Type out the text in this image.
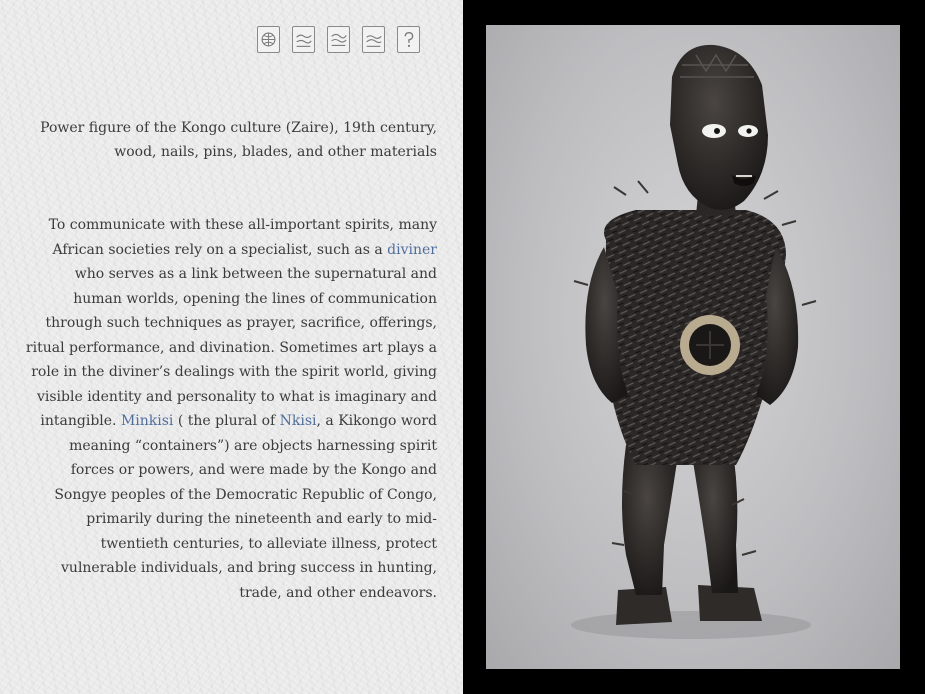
Power figure of the Kongo culture (Zaire), 19th century, wood, nails, pins, blades, and other materials

To communicate with these all-important spirits, many African societies rely on a specialist, such as a diviner who serves as a link between the supernatural and human worlds, opening the lines of communication through such techniques as prayer, sacrifice, offerings, ritual performance, and divination. Sometimes art plays a role in the diviner’s dealings with the spirit world, giving visible identity and personality to what is imaginary and intangible. Minkisi ( the plural of Nkisi, a Kikongo word meaning “containers”) are objects harnessing spirit forces or powers, and were made by the Kongo and Songye peoples of the Democratic Republic of Congo, primarily during the nineteenth and early to mid-twentieth centuries, to alleviate illness, protect vulnerable individuals, and bring success in hunting, trade, and other endeavors.
